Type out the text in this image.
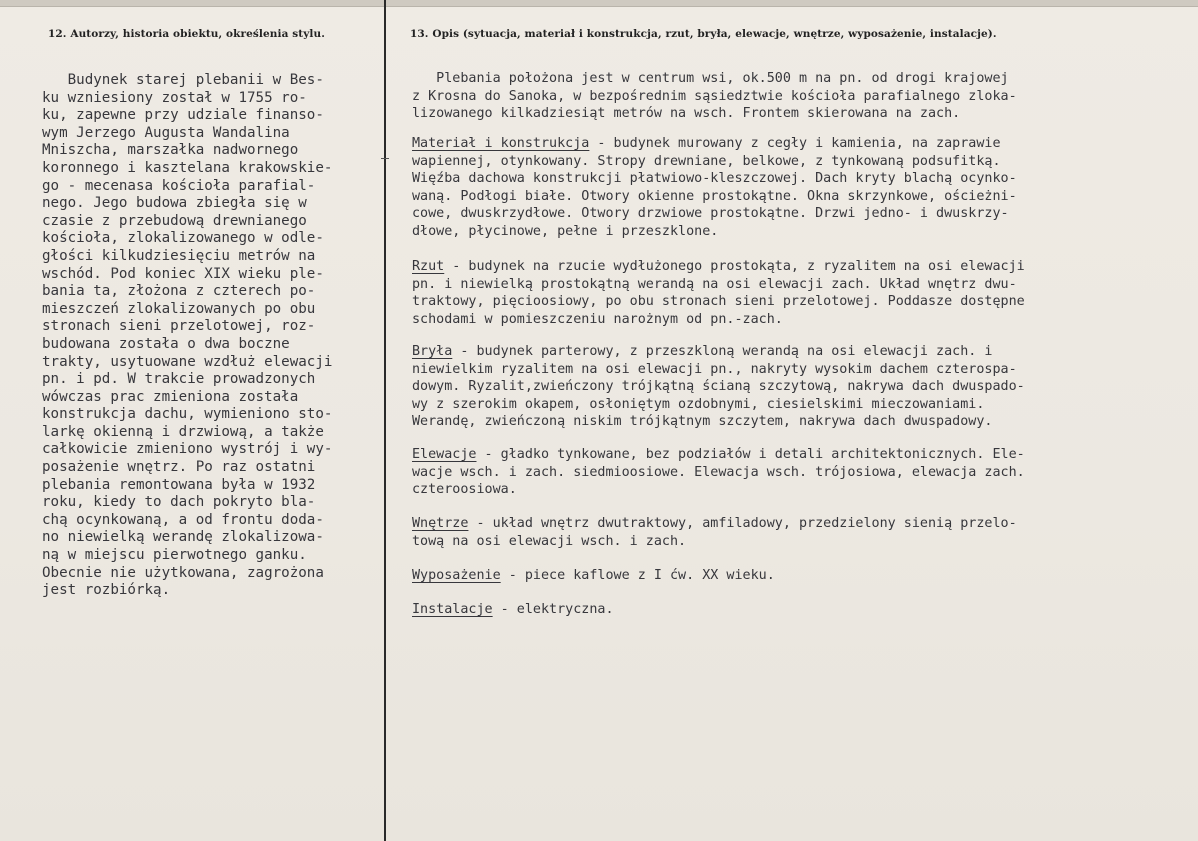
12. Autorzy, historia obiektu, określenia stylu.	13. Opis (sytuacja, materiał i konstrukcja, rzut, bryła, elewacje, wnętrze, wyposażenie, instalacje).
Budynek starej plebanii w Bes-
ku wzniesiony został w 1755 ro-
ku, zapewne przy udziale finanso-
wym Jerzego Augusta Wandalina
Mniszcha, marszałka nadwornego
koronnego i kasztelana krakowskie-
go - mecenasa kościoła parafial-
nego. Jego budowa zbiegła się w
czasie z przebudową drewnianego
kościoła, zlokalizowanego w odle-
głości kilkudziesięciu metrów na
wschód. Pod koniec XIX wieku ple-
bania ta, złożona z czterech po-
mieszczeń zlokalizowanych po obu
stronach sieni przelotowej, roz-
budowana została o dwa boczne
trakty, usytuowane wzdłuż elewacji
pn. i pd. W trakcie prowadzonych
wówczas prac zmieniona została
konstrukcja dachu, wymieniono sto-
larkę okienną i drzwiową, a także
całkowicie zmieniono wystrój i wy-
posażenie wnętrz. Po raz ostatni
plebania remontowana była w 1932
roku, kiedy to dach pokryto bla-
chą ocynkowaną, a od frontu doda-
no niewielką werandę zlokalizowa-
ną w miejscu pierwotnego ganku.
Obecnie nie użytkowana, zagrożona
jest rozbiórką.
Plebania położona jest w centrum wsi, ok.500 m na pn. od drogi krajowej
z Krosna do Sanoka, w bezpośrednim sąsiedztwie kościoła parafialnego zloka-
lizowanego kilkadziesiąt metrów na wsch. Frontem skierowana na zach.
Materiał i konstrukcja - budynek murowany z cegły i kamienia, na zaprawie
wapiennej, otynkowany. Stropy drewniane, belkowe, z tynkowaną podsufitką.
Więźba dachowa konstrukcji płatwiowo-kleszczowej. Dach kryty blachą ocynko-
waną. Podłogi białe. Otwory okienne prostokątne. Okna skrzynkowe, ościeżni-
cowe, dwuskrzydłowe. Otwory drzwiowe prostokątne. Drzwi jedno- i dwuskrzy-
dłowe, płycinowe, pełne i przeszklone.
Rzut - budynek na rzucie wydłużonego prostokąta, z ryzalitem na osi elewacji
pn. i niewielką prostokątną werandą na osi elewacji zach. Układ wnętrz dwu-
traktowy, pięcioosiowy, po obu stronach sieni przelotowej. Poddasze dostępne
schodami w pomieszczeniu narożnym od pn.-zach.
Bryła - budynek parterowy, z przeszkloną werandą na osi elewacji zach. i
niewielkim ryzalitem na osi elewacji pn., nakryty wysokim dachem czterospa-
dowym. Ryzalit,zwieńczony trójkątną ścianą szczytową, nakrywa dach dwuspado-
wy z szerokim okapem, osłoniętym ozdobnymi, ciesielskimi mieczowaniami.
Werandę, zwieńczoną niskim trójkątnym szczytem, nakrywa dach dwuspadowy.
Elewacje - gładko tynkowane, bez podziałów i detali architektonicznych. Ele-
wacje wsch. i zach. siedmioosiowe. Elewacja wsch. trójosiowa, elewacja zach.
czteroosiowa.
Wnętrze - układ wnętrz dwutraktowy, amfiladowy, przedzielony sienią przelo-
tową na osi elewacji wsch. i zach.
Wyposażenie - piece kaflowe z I ćw. XX wieku.
Instalacje - elektryczna.
